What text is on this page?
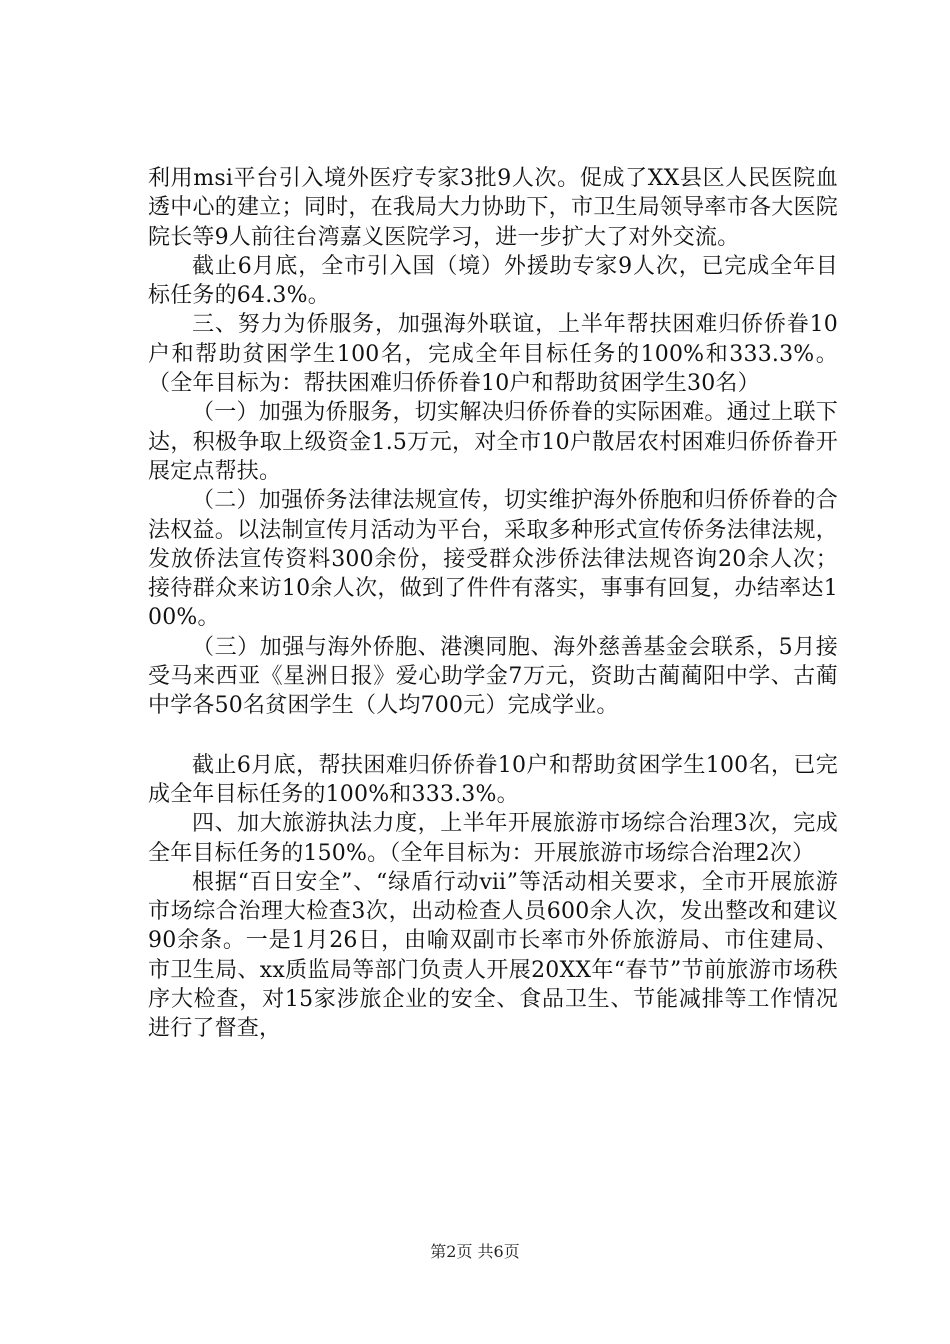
利用msi平台引入境外医疗专家3批9人次。促成了XX县区人民医院血透中心的建立；同时，在我局大力协助下，市卫生局领导率市各大医院院长等9人前往台湾嘉义医院学习，进一步扩大了对外交流。

截止6月底，全市引入国（境）外援助专家9人次，已完成全年目标任务的64.3%。

三、努力为侨服务，加强海外联谊，上半年帮扶困难归侨侨眷10户和帮助贫困学生100名，完成全年目标任务的100%和333.3%。（全年目标为：帮扶困难归侨侨眷10户和帮助贫困学生30名）

（一）加强为侨服务，切实解决归侨侨眷的实际困难。通过上联下达，积极争取上级资金1.5万元，对全市10户散居农村困难归侨侨眷开展定点帮扶。

（二）加强侨务法律法规宣传，切实维护海外侨胞和归侨侨眷的合法权益。以法制宣传月活动为平台，采取多种形式宣传侨务法律法规，发放侨法宣传资料300余份，接受群众涉侨法律法规咨询20余人次；接待群众来访10余人次，做到了件件有落实，事事有回复，办结率达100%。

（三）加强与海外侨胞、港澳同胞、海外慈善基金会联系，5月接受马来西亚《星洲日报》爱心助学金7万元，资助古蔺蔺阳中学、古蔺中学各50名贫困学生（人均700元）完成学业。

截止6月底，帮扶困难归侨侨眷10户和帮助贫困学生100名，已完成全年目标任务的100%和333.3%。

四、加大旅游执法力度，上半年开展旅游市场综合治理3次，完成全年目标任务的150%。（全年目标为：开展旅游市场综合治理2次）

根据“百日安全”、“绿盾行动ⅶ”等活动相关要求，全市开展旅游市场综合治理大检查3次，出动检查人员600余人次，发出整改和建议90余条。一是1月26日，由喻双副市长率市外侨旅游局、市住建局、市卫生局、xx质监局等部门负责人开展20XX年“春节”节前旅游市场秩序大检查，对15家涉旅企业的安全、食品卫生、节能减排等工作情况进行了督查，

第2页 共6页
